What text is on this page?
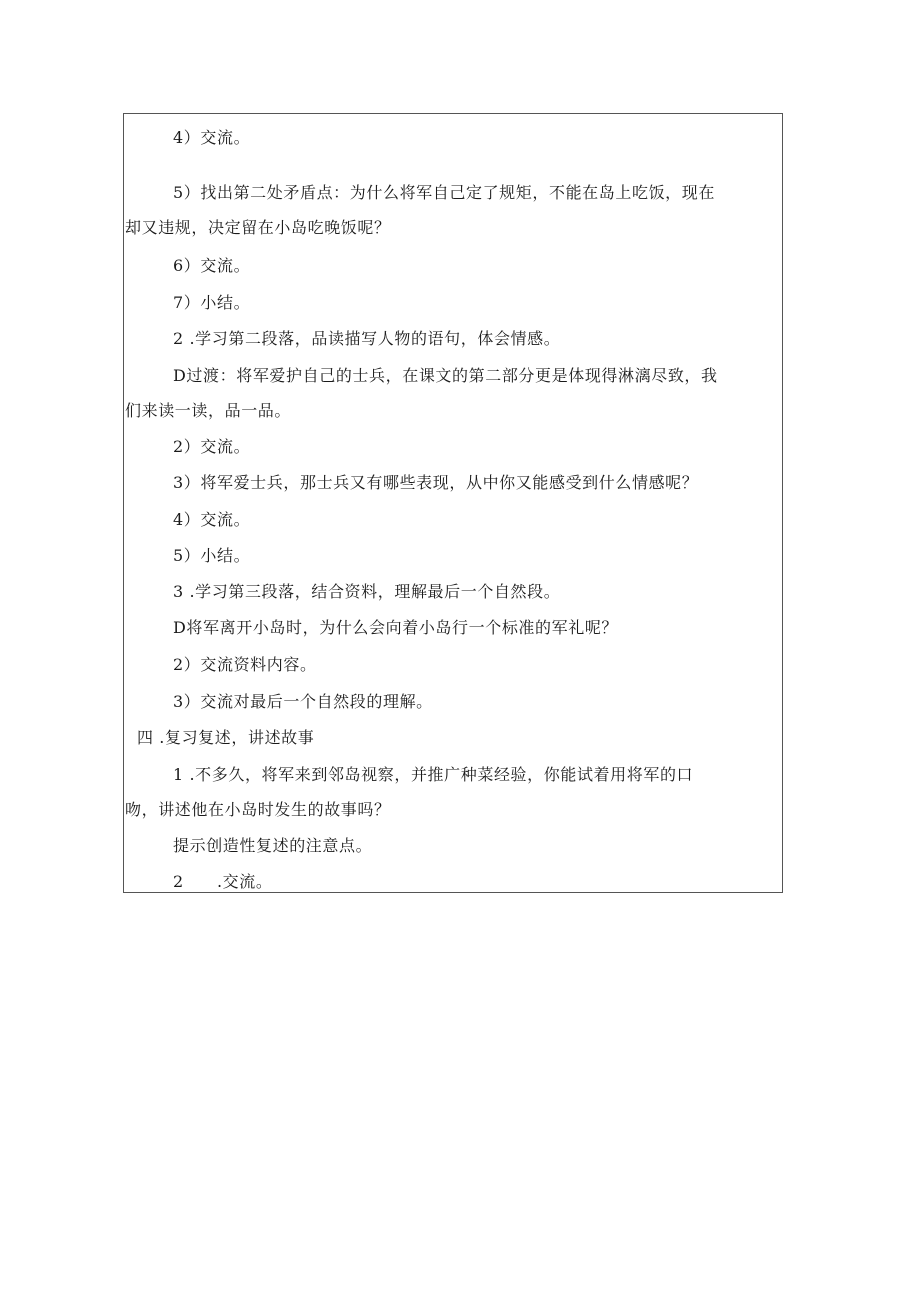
4）交流。
5）找出第二处矛盾点：为什么将军自己定了规矩，不能在岛上吃饭，现在
却又违规，决定留在小岛吃晚饭呢？
6）交流。
7）小结。
2 .学习第二段落，品读描写人物的语句，体会情感。
D过渡：将军爱护自己的士兵，在课文的第二部分更是体现得淋漓尽致，我
们来读一读，品一品。
2）交流。
3）将军爱士兵，那士兵又有哪些表现，从中你又能感受到什么情感呢？
4）交流。
5）小结。
3 .学习第三段落，结合资料，理解最后一个自然段。
D将军离开小岛时，为什么会向着小岛行一个标准的军礼呢？
2）交流资料内容。
3）交流对最后一个自然段的理解。
四 .复习复述，讲述故事
1 .不多久，将军来到邻岛视察，并推广种菜经验，你能试着用将军的口
吻，讲述他在小岛时发生的故事吗？
提示创造性复述的注意点。
2　　.交流。
